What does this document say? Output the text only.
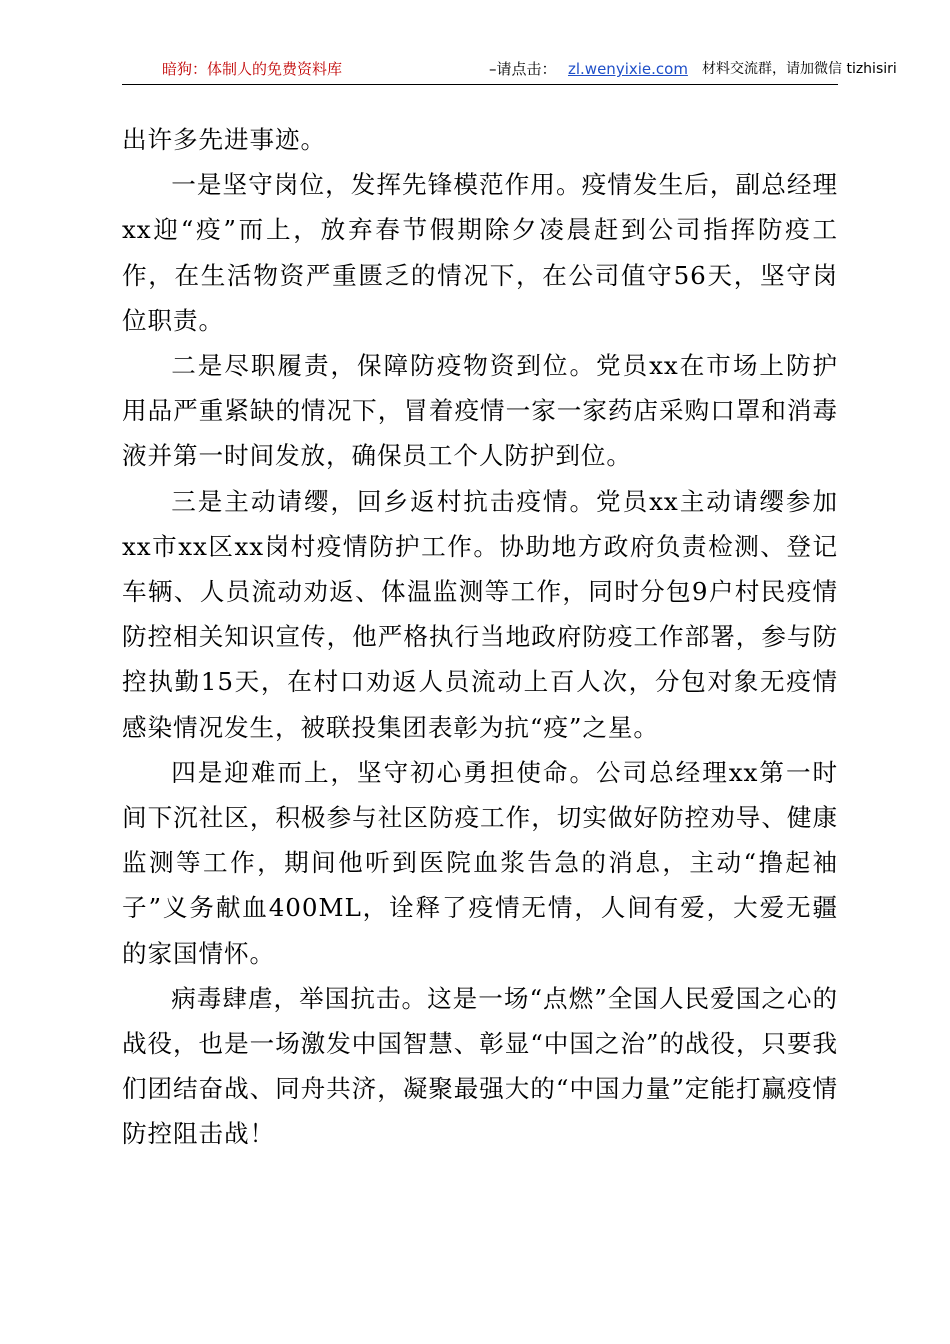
暗狗：体制人的免费资料库	–请点击： zl.wenyixie.com 材料交流群，请加微信 tizhisiri

出许多先进事迹。

一是坚守岗位，发挥先锋模范作用。疫情发生后，副总经理xx迎“疫”而上，放弃春节假期除夕凌晨赶到公司指挥防疫工作，在生活物资严重匮乏的情况下，在公司值守56天，坚守岗位职责。

二是尽职履责，保障防疫物资到位。党员xx在市场上防护用品严重紧缺的情况下，冒着疫情一家一家药店采购口罩和消毒液并第一时间发放，确保员工个人防护到位。

三是主动请缨，回乡返村抗击疫情。党员xx主动请缨参加xx市xx区xx岗村疫情防护工作。协助地方政府负责检测、登记车辆、人员流动劝返、体温监测等工作，同时分包9户村民疫情防控相关知识宣传，他严格执行当地政府防疫工作部署，参与防控执勤15天，在村口劝返人员流动上百人次，分包对象无疫情感染情况发生，被联投集团表彰为抗“疫”之星。

四是迎难而上，坚守初心勇担使命。公司总经理xx第一时间下沉社区，积极参与社区防疫工作，切实做好防控劝导、健康监测等工作，期间他听到医院血浆告急的消息，主动“撸起袖子”义务献血400ML，诠释了疫情无情，人间有爱，大爱无疆的家国情怀。

病毒肆虐，举国抗击。这是一场“点燃”全国人民爱国之心的战役，也是一场激发中国智慧、彰显“中国之治”的战役，只要我们团结奋战、同舟共济，凝聚最强大的“中国力量”定能打赢疫情防控阻击战！
